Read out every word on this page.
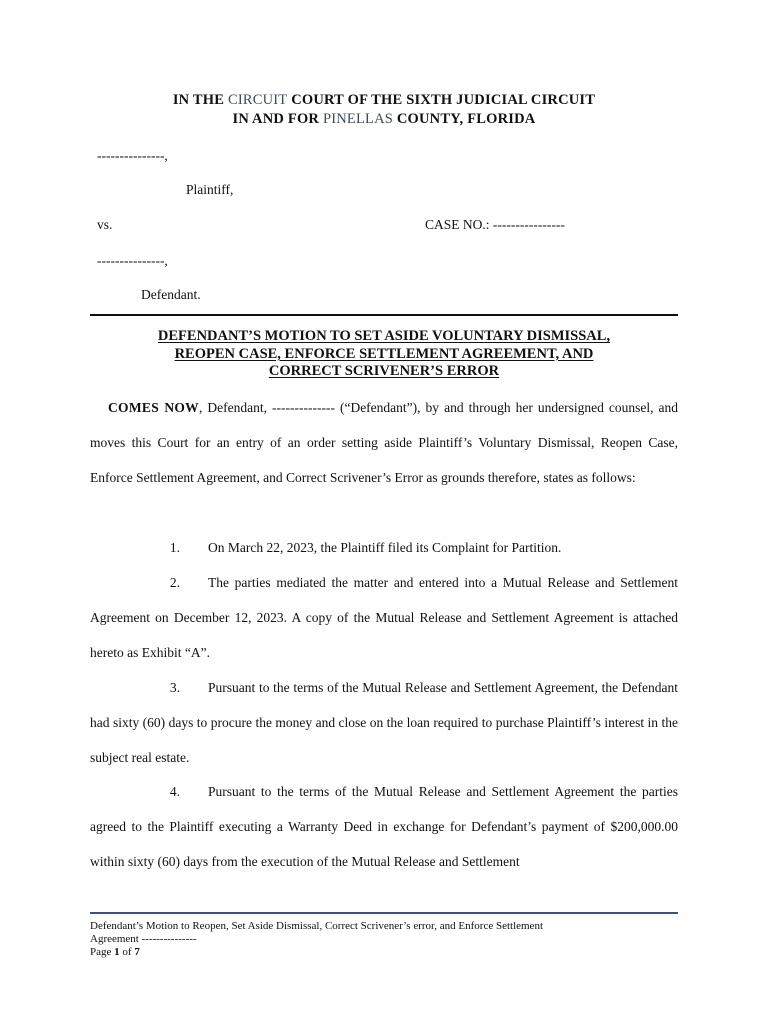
IN THE CIRCUIT COURT OF THE SIXTH JUDICIAL CIRCUIT
IN AND FOR PINELLAS COUNTY, FLORIDA
---------------,
Plaintiff,
vs.	CASE NO.: ----------------
---------------,
Defendant.
DEFENDANT’S MOTION TO SET ASIDE VOLUNTARY DISMISSAL,
REOPEN CASE, ENFORCE SETTLEMENT AGREEMENT, AND
CORRECT SCRIVENER’S ERROR
COMES NOW, Defendant, -------------- (“Defendant”), by and through her undersigned counsel, and moves this Court for an entry of an order setting aside Plaintiff’s Voluntary Dismissal, Reopen Case, Enforce Settlement Agreement, and Correct Scrivener’s Error as grounds therefore, states as follows:
1. On March 22, 2023, the Plaintiff filed its Complaint for Partition.
2. The parties mediated the matter and entered into a Mutual Release and Settlement Agreement on December 12, 2023. A copy of the Mutual Release and Settlement Agreement is attached hereto as Exhibit “A”.
3. Pursuant to the terms of the Mutual Release and Settlement Agreement, the Defendant had sixty (60) days to procure the money and close on the loan required to purchase Plaintiff’s interest in the subject real estate.
4. Pursuant to the terms of the Mutual Release and Settlement Agreement the parties agreed to the Plaintiff executing a Warranty Deed in exchange for Defendant’s payment of $200,000.00 within sixty (60) days from the execution of the Mutual Release and Settlement
Defendant’s Motion to Reopen, Set Aside Dismissal, Correct Scrivener’s error, and Enforce Settlement
Agreement ---------------
Page 1 of 7
